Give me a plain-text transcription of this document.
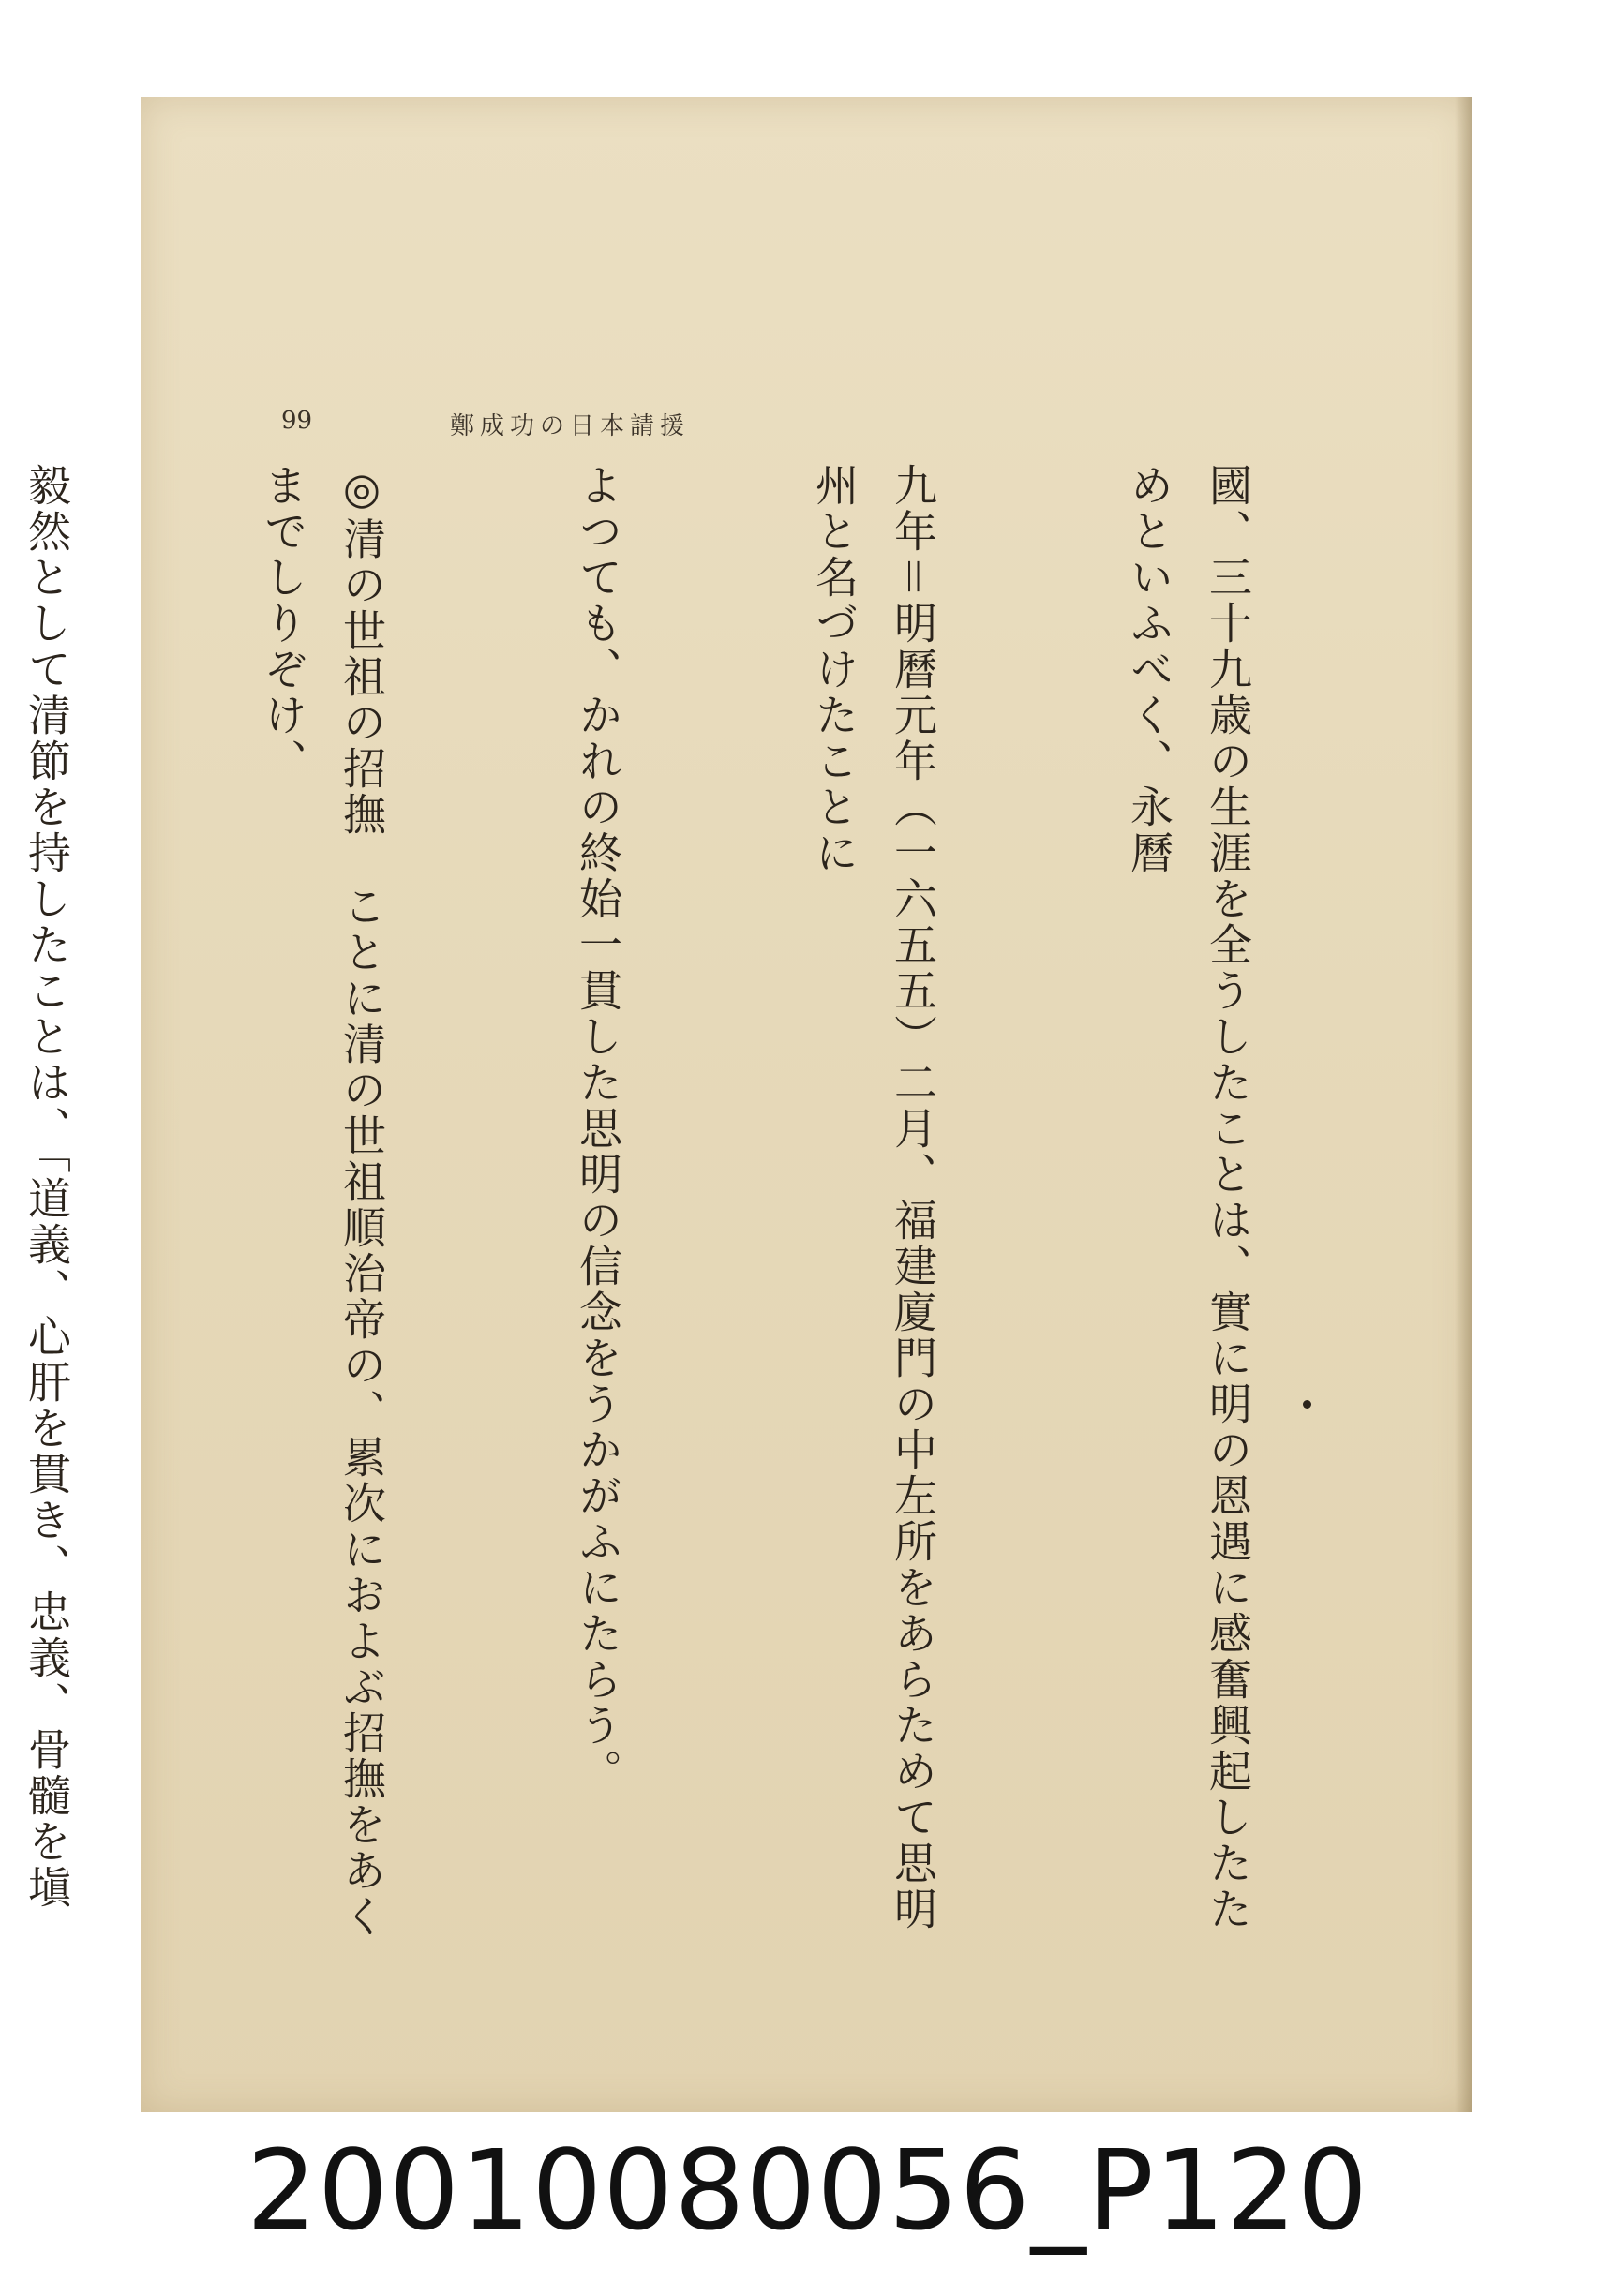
99	鄭成功の日本請援

國、三十九歳の生涯を全うしたことは、實に明の恩遇に感奮興起したためといふべく、永曆

九年＝明曆元年（一六五五）二月、福建廈門の中左所をあらためて思明州と名づけたことに

よつても、かれの終始一貫した思明の信念をうかがふにたらう。

◎清の世祖の招撫　ことに清の世祖順治帝の、累次におよぶ招撫をあくまでしりぞけ、

毅然として清節を持したことは、「道義、心肝を貫き、忠義、骨髓を塡

20010080056_P120
